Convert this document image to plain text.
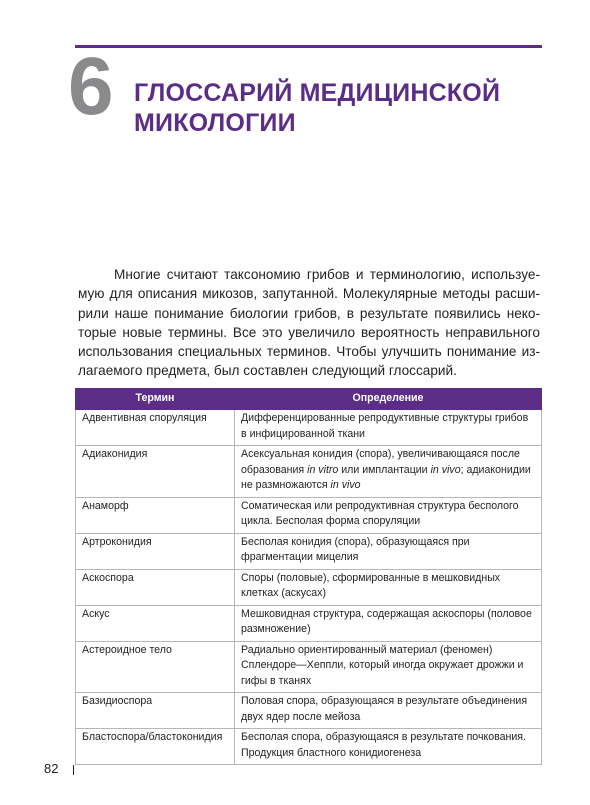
6 ГЛОССАРИЙ МЕДИЦИНСКОЙ
МИКОЛОГИИ
Многие считают таксономию грибов и терминологию, используе-
мую для описания микозов, запутанной. Молекулярные методы расши-
рили наше понимание биологии грибов, в результате появились неко-
торые новые термины. Все это увеличило вероятность неправильного
использования специальных терминов. Чтобы улучшить понимание из-
лагаемого предмета, был составлен следующий глоссарий.
Термин	Определение
Адвентивная споруляция	Дифференцированные репродуктивные структуры грибов в инфицированной ткани
Адиаконидия	Асексуальная конидия (спора), увеличивающаяся после образования in vitro или имплантации in vivo; адиаконидии не размножаются in vivo
Анаморф	Соматическая или репродуктивная структура бесполого цикла. Бесполая форма споруляции
Артроконидия	Бесполая конидия (спора), образующаяся при фрагментации мицелия
Аскоспора	Споры (половые), сформированные в мешковидных клетках (аскусах)
Аскус	Мешковидная структура, содержащая аскоспоры (половое размножение)
Астероидное тело	Радиально ориентированный материал (феномен) Сплендоре—Хеппли, который иногда окружает дрожжи и гифы в тканях
Базидиоспора	Половая спора, образующаяся в результате объединения двух ядер после мейоза
Бластоспора/бластоконидия	Бесполая спора, образующаяся в результате почкования. Продукция бластного конидиогенеза
82
